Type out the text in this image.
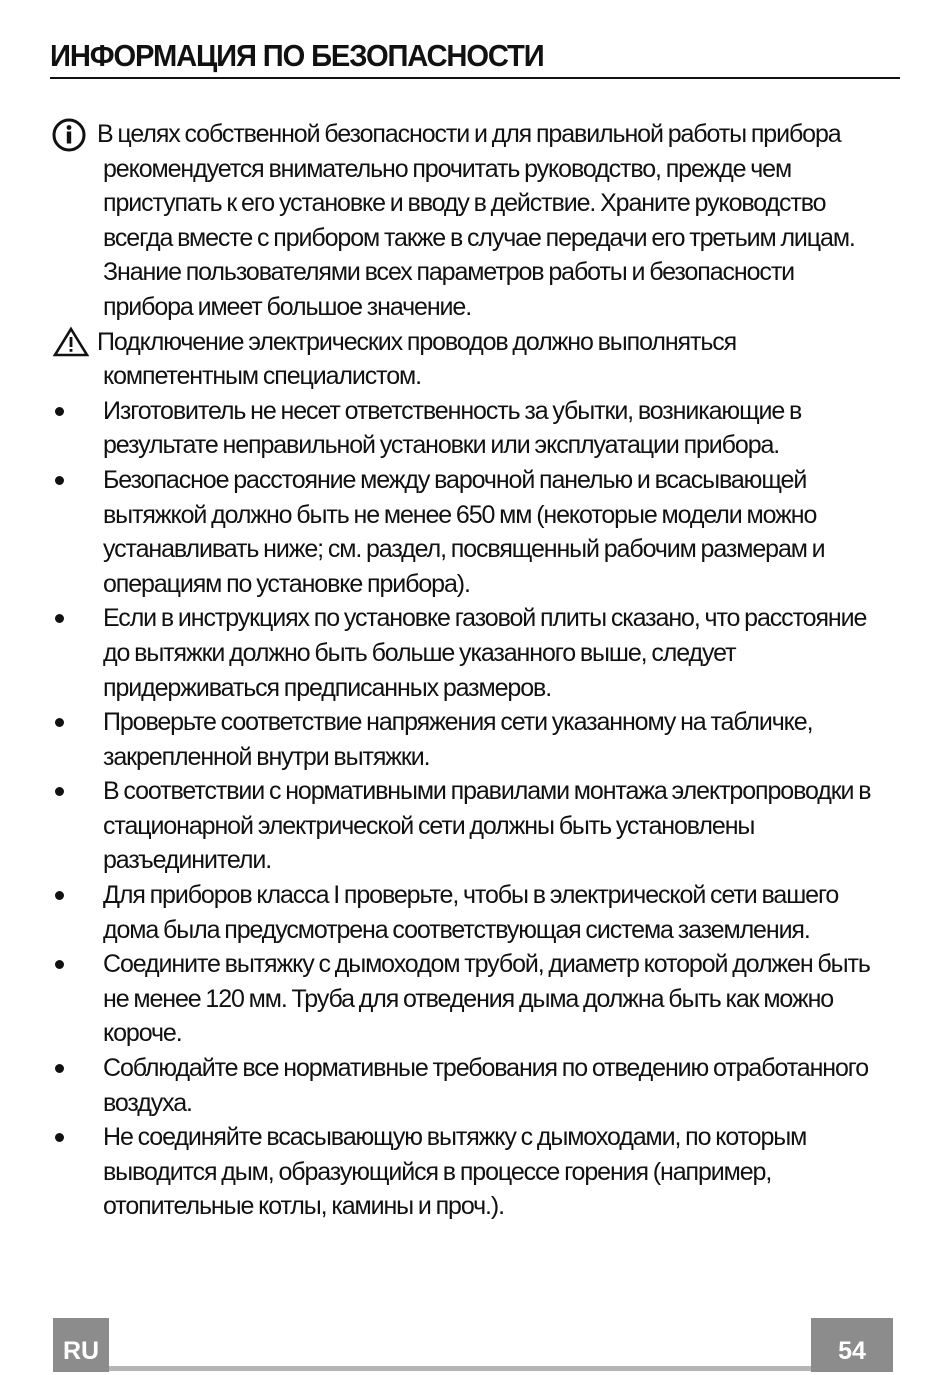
ИНФОРМАЦИЯ ПО БЕЗОПАСНОСТИ
В целях собственной безопасности и для правильной работы прибора рекомендуется внимательно прочитать руководство, прежде чем приступать к его установке и вводу в действие. Храните руководство всегда вместе с прибором также в случае передачи его третьим лицам. Знание пользователями всех параметров работы и безопасности прибора имеет большое значение.
Подключение электрических проводов должно выполняться компетентным специалистом.
Изготовитель не несет ответственность за убытки, возникающие в результате неправильной установки или эксплуатации прибора.
Безопасное расстояние между варочной панелью и всасывающей вытяжкой должно быть не менее 650 мм (некоторые модели можно устанавливать ниже; см. раздел, посвященный рабочим размерам и операциям по установке прибора).
Если в инструкциях по установке газовой плиты сказано, что расстояние до вытяжки должно быть больше указанного выше, следует придерживаться предписанных размеров.
Проверьте соответствие напряжения сети указанному на табличке, закрепленной внутри вытяжки.
В соответствии с нормативными правилами монтажа электропроводки в стационарной электрической сети должны быть установлены разъединители.
Для приборов класса I проверьте, чтобы в электрической сети вашего дома была предусмотрена соответствующая система заземления.
Соедините вытяжку с дымоходом трубой, диаметр которой должен быть не менее 120 мм. Труба для отведения дыма должна быть как можно короче.
Соблюдайте все нормативные требования по отведению отработанного воздуха.
Не соединяйте всасывающую вытяжку с дымоходами, по которым выводится дым, образующийся в процессе горения (например, отопительные котлы, камины и проч.).
RU	54
